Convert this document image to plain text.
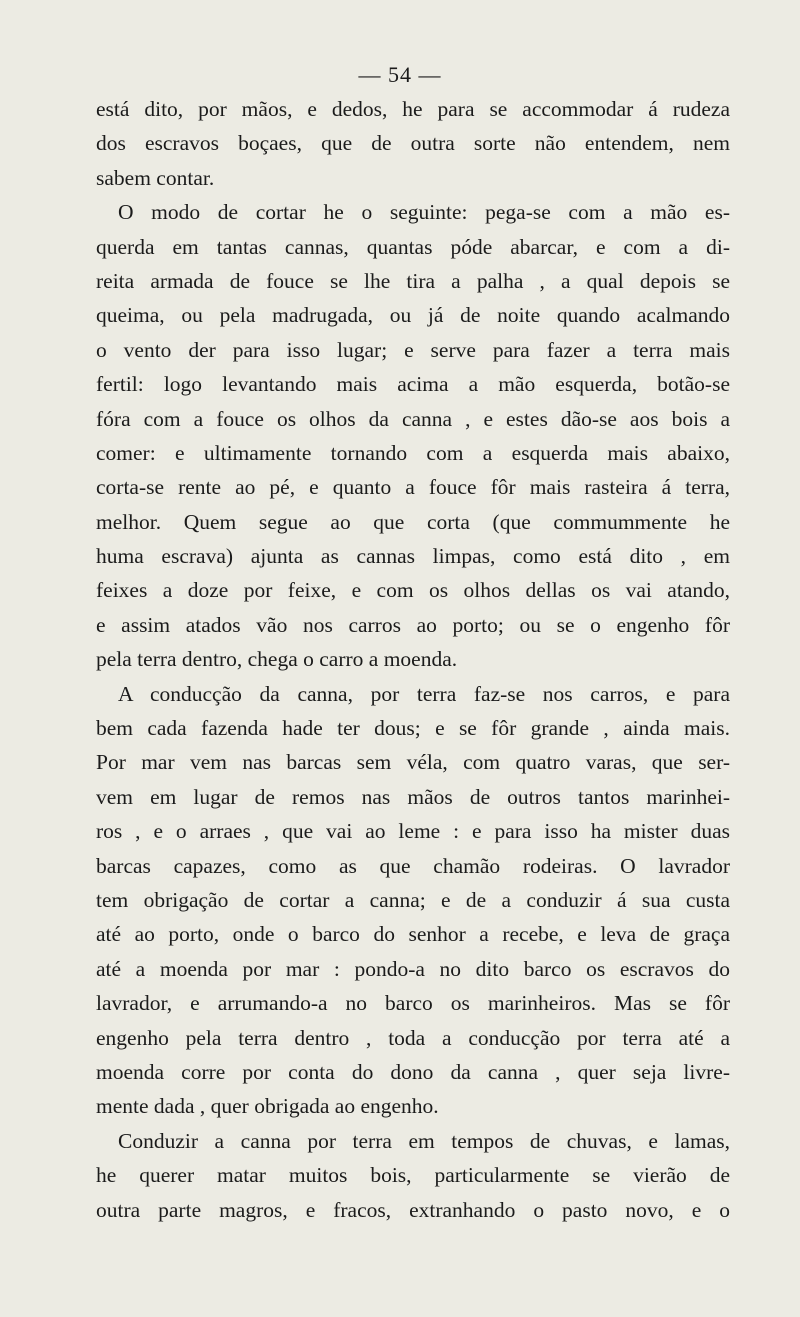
— 54 —
está dito, por mãos, e dedos, he para se accommodar á rudeza
dos escravos boçaes, que de outra sorte não entendem, nem
sabem contar.
O modo de cortar he o seguinte: pega-se com a mão es-
querda em tantas cannas, quantas póde abarcar, e com a di-
reita armada de fouce se lhe tira a palha , a qual depois se
queima, ou pela madrugada, ou já de noite quando acalmando
o vento der para isso lugar; e serve para fazer a terra mais
fertil: logo levantando mais acima a mão esquerda, botão-se
fóra com a fouce os olhos da canna , e estes dão-se aos bois a
comer: e ultimamente tornando com a esquerda mais abaixo,
corta-se rente ao pé, e quanto a fouce fôr mais rasteira á terra,
melhor. Quem segue ao que corta (que commummente he
huma escrava) ajunta as cannas limpas, como está dito , em
feixes a doze por feixe, e com os olhos dellas os vai atando,
e assim atados vão nos carros ao porto; ou se o engenho fôr
pela terra dentro, chega o carro a moenda.
A conducção da canna, por terra faz-se nos carros, e para
bem cada fazenda hade ter dous; e se fôr grande , ainda mais.
Por mar vem nas barcas sem véla, com quatro varas, que ser-
vem em lugar de remos nas mãos de outros tantos marinhei-
ros , e o arraes , que vai ao leme : e para isso ha mister duas
barcas capazes, como as que chamão rodeiras. O lavrador
tem obrigação de cortar a canna; e de a conduzir á sua custa
até ao porto, onde o barco do senhor a recebe, e leva de graça
até a moenda por mar : pondo-a no dito barco os escravos do
lavrador, e arrumando-a no barco os marinheiros. Mas se fôr
engenho pela terra dentro , toda a conducção por terra até a
moenda corre por conta do dono da canna , quer seja livre-
mente dada , quer obrigada ao engenho.
Conduzir a canna por terra em tempos de chuvas, e lamas,
he querer matar muitos bois, particularmente se vierão de
outra parte magros, e fracos, extranhando o pasto novo, e o
